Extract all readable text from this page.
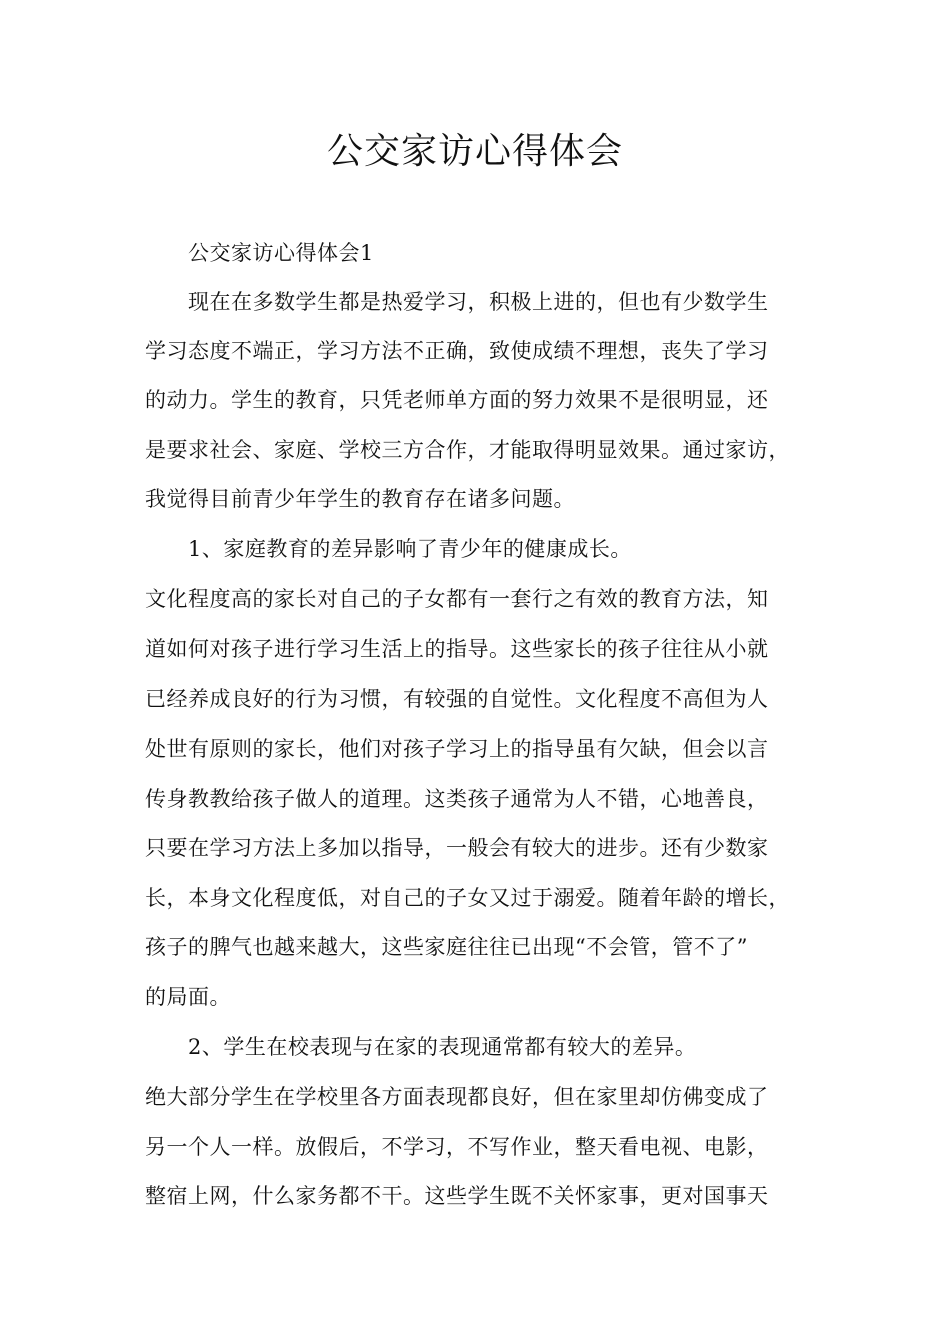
公交家访心得体会
公交家访心得体会1
现在在多数学生都是热爱学习，积极上进的，但也有少数学生
学习态度不端正，学习方法不正确，致使成绩不理想，丧失了学习
的动力。学生的教育，只凭老师单方面的努力效果不是很明显，还
是要求社会、家庭、学校三方合作，才能取得明显效果。通过家访，
我觉得目前青少年学生的教育存在诸多问题。
1、家庭教育的差异影响了青少年的健康成长。
文化程度高的家长对自己的子女都有一套行之有效的教育方法，知
道如何对孩子进行学习生活上的指导。这些家长的孩子往往从小就
已经养成良好的行为习惯，有较强的自觉性。文化程度不高但为人
处世有原则的家长，他们对孩子学习上的指导虽有欠缺，但会以言
传身教教给孩子做人的道理。这类孩子通常为人不错，心地善良，
只要在学习方法上多加以指导，一般会有较大的进步。还有少数家
长，本身文化程度低，对自己的子女又过于溺爱。随着年龄的增长，
孩子的脾气也越来越大，这些家庭往往已出现“不会管，管不了”
的局面。
2、学生在校表现与在家的表现通常都有较大的差异。
绝大部分学生在学校里各方面表现都良好，但在家里却仿佛变成了
另一个人一样。放假后，不学习，不写作业，整天看电视、电影，
整宿上网，什么家务都不干。这些学生既不关怀家事，更对国事天
